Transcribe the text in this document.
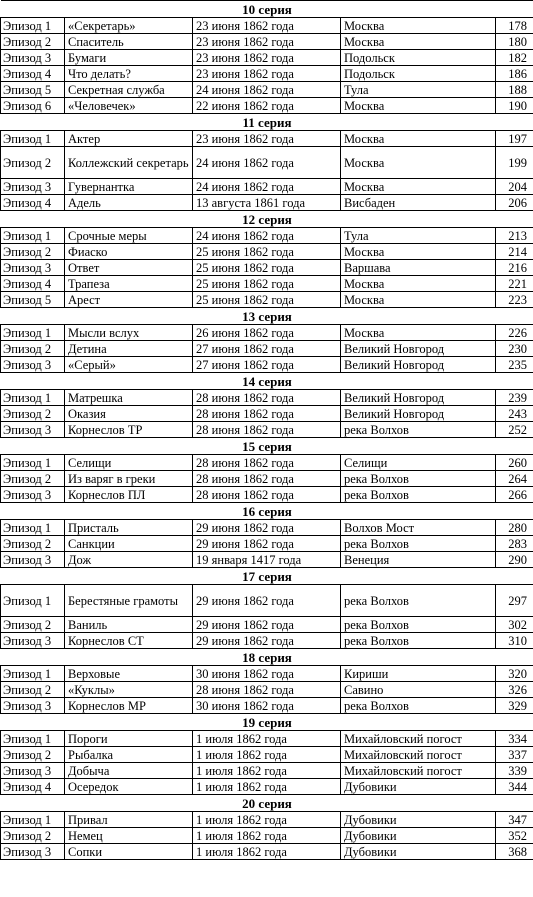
10 серия				
Эпизод 1	«Секретарь»	23 июня 1862 года	Москва	178
Эпизод 2	Спаситель	23 июня 1862 года	Москва	180
Эпизод 3	Бумаги	23 июня 1862 года	Подольск	182
Эпизод 4	Что делать?	23 июня 1862 года	Подольск	186
Эпизод 5	Секретная служба	24 июня 1862 года	Тула	188
Эпизод 6	«Человечек»	22 июня 1862 года	Москва	190
11 серия				
Эпизод 1	Актер	23 июня 1862 года	Москва	197
Эпизод 2	Коллежский секретарь	24 июня 1862 года	Москва	199
Эпизод 3	Гувернантка	24 июня 1862 года	Москва	204
Эпизод 4	Адель	13 августа 1861 года	Висбаден	206
12 серия				
Эпизод 1	Срочные меры	24 июня 1862 года	Тула	213
Эпизод 2	Фиаско	25 июня 1862 года	Москва	214
Эпизод 3	Ответ	25 июня 1862 года	Варшава	216
Эпизод 4	Трапеза	25 июня 1862 года	Москва	221
Эпизод 5	Арест	25 июня 1862 года	Москва	223
13 серия				
Эпизод 1	Мысли вслух	26 июня 1862 года	Москва	226
Эпизод 2	Детина	27 июня 1862 года	Великий Новгород	230
Эпизод 3	«Серый»	27 июня 1862 года	Великий Новгород	235
14 серия				
Эпизод 1	Матрешка	28 июня 1862 года	Великий Новгород	239
Эпизод 2	Оказия	28 июня 1862 года	Великий Новгород	243
Эпизод 3	Корнеслов ТР	28 июня 1862 года	река Волхов	252
15 серия				
Эпизод 1	Селищи	28 июня 1862 года	Селищи	260
Эпизод 2	Из варяг в греки	28 июня 1862 года	река Волхов	264
Эпизод 3	Корнеслов ПЛ	28 июня 1862 года	река Волхов	266
16 серия				
Эпизод 1	Присталь	29 июня 1862 года	Волхов Мост	280
Эпизод 2	Санкции	29 июня 1862 года	река Волхов	283
Эпизод 3	Дож	19 января 1417 года	Венеция	290
17 серия				
Эпизод 1	Берестяные грамоты	29 июня 1862 года	река Волхов	297
Эпизод 2	Ваниль	29 июня 1862 года	река Волхов	302
Эпизод 3	Корнеслов СТ	29 июня 1862 года	река Волхов	310
18 серия				
Эпизод 1	Верховые	30 июня 1862 года	Кириши	320
Эпизод 2	«Куклы»	28 июня 1862 года	Савино	326
Эпизод 3	Корнеслов МР	30 июня 1862 года	река Волхов	329
19 серия				
Эпизод 1	Пороги	1 июля 1862 года	Михайловский погост	334
Эпизод 2	Рыбалка	1 июля 1862 года	Михайловский погост	337
Эпизод 3	Добыча	1 июля 1862 года	Михайловский погост	339
Эпизод 4	Осередок	1 июля 1862 года	Дубовики	344
20 серия				
Эпизод 1	Привал	1 июля 1862 года	Дубовики	347
Эпизод 2	Немец	1 июля 1862 года	Дубовики	352
Эпизод 3	Сопки	1 июля 1862 года	Дубовики	368
